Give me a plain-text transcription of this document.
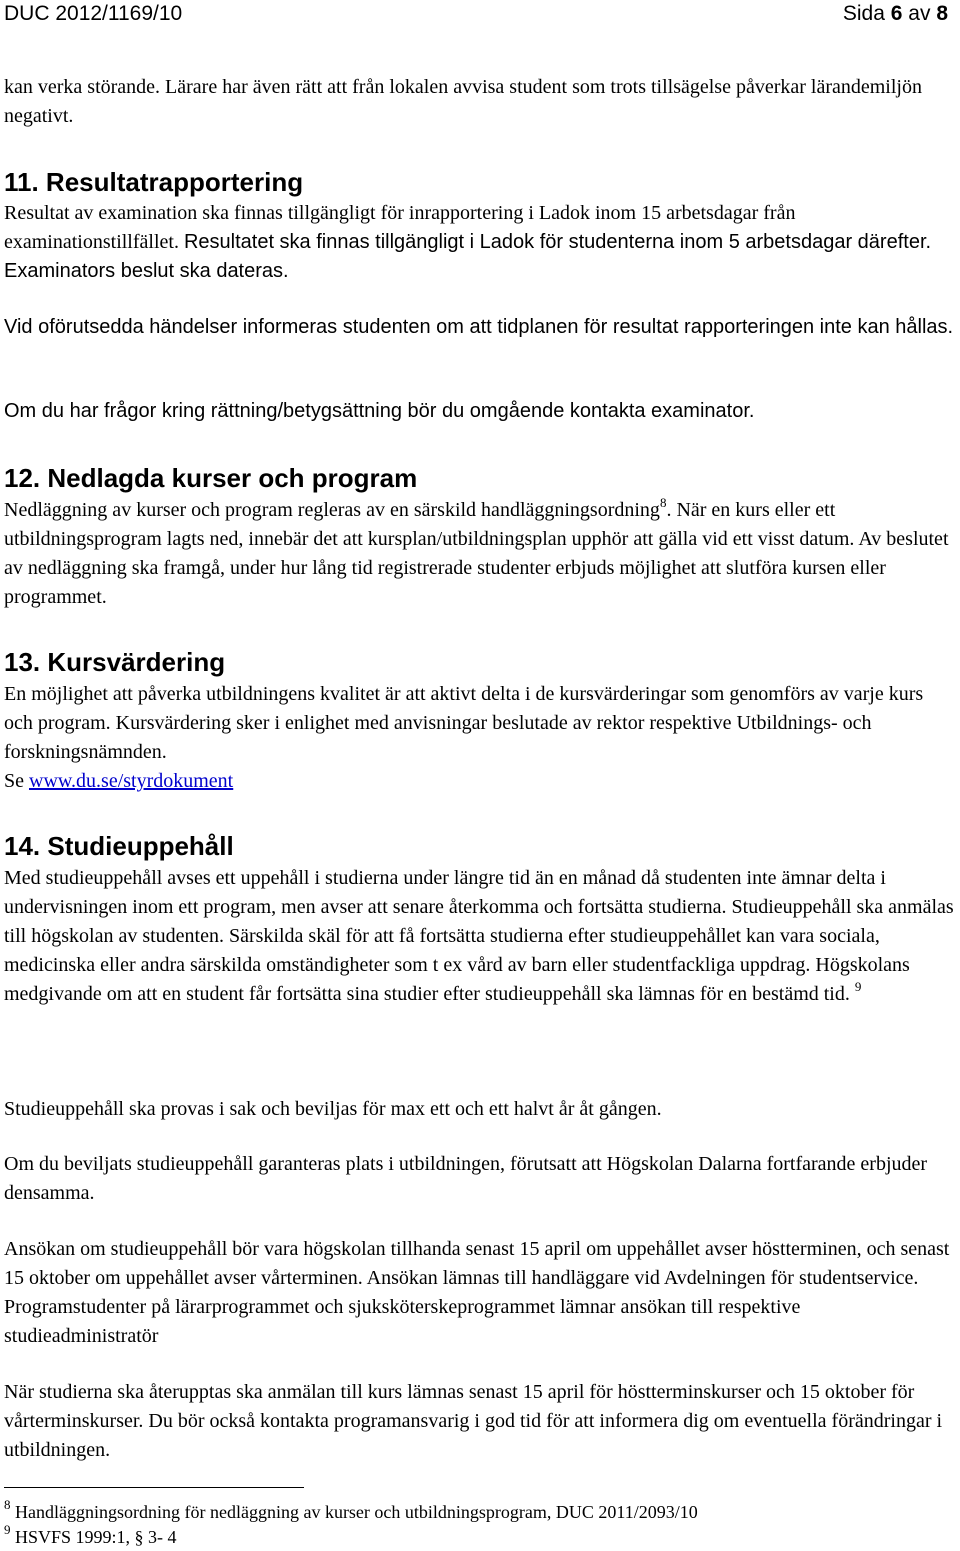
DUC 2012/1169/10	Sida 6 av 8

kan verka störande. Lärare har även rätt att från lokalen avvisa student som trots tillsägelse påverkar lärandemiljön negativt.

11. Resultatrapportering

Resultat av examination ska finnas tillgängligt för inrapportering i Ladok inom 15 arbetsdagar från examinationstillfället. Resultatet ska finnas tillgängligt i Ladok för studenterna inom 5 arbetsdagar därefter. Examinators beslut ska dateras.

Vid oförutsedda händelser informeras studenten om att tidplanen för resultat rapporteringen inte kan hållas.

Om du har frågor kring rättning/betygsättning bör du omgående kontakta examinator.

12. Nedlagda kurser och program

Nedläggning av kurser och program regleras av en särskild handläggningsordning$^8$. När en kurs eller ett utbildningsprogram lagts ned, innebär det att kursplan/utbildningsplan upphör att gälla vid ett visst datum. Av beslutet av nedläggning ska framgå, under hur lång tid registrerade studenter erbjuds möjlighet att slutföra kursen eller programmet.

13. Kursvärdering

En möjlighet att påverka utbildningens kvalitet är att aktivt delta i de kursvärderingar som genomförs av varje kurs och program. Kursvärdering sker i enlighet med anvisningar beslutade av rektor respektive Utbildnings- och forskningsnämnden.
Se www.du.se/styrdokument

14. Studieuppehåll

Med studieuppehåll avses ett uppehåll i studierna under längre tid än en månad då studenten inte ämnar delta i undervisningen inom ett program, men avser att senare återkomma och fortsätta studierna. Studieuppehåll ska anmälas till högskolan av studenten. Särskilda skäl för att få fortsätta studierna efter studieuppehållet kan vara sociala, medicinska eller andra särskilda omständigheter som t ex vård av barn eller studentfackliga uppdrag. Högskolans medgivande om att en student får fortsätta sina studier efter studieuppehåll ska lämnas för en bestämd tid. $^9$

Studieuppehåll ska provas i sak och beviljas för max ett och ett halvt år åt gången.

Om du beviljats studieuppehåll garanteras plats i utbildningen, förutsatt att Högskolan Dalarna fortfarande erbjuder densamma.

Ansökan om studieuppehåll bör vara högskolan tillhanda senast 15 april om uppehållet avser höstterminen, och senast 15 oktober om uppehållet avser vårterminen. Ansökan lämnas till handläggare vid Avdelningen för studentservice. Programstudenter på lärarprogrammet och sjuksköterskeprogrammet lämnar ansökan till respektive studieadministratör

När studierna ska återupptas ska anmälan till kurs lämnas senast 15 april för höstterminskurser och 15 oktober för vårterminskurser. Du bör också kontakta programansvarig i god tid för att informera dig om eventuella förändringar i utbildningen.

$^8$ Handläggningsordning för nedläggning av kurser och utbildningsprogram, DUC 2011/2093/10
$^9$ HSVFS 1999:1, § 3- 4
